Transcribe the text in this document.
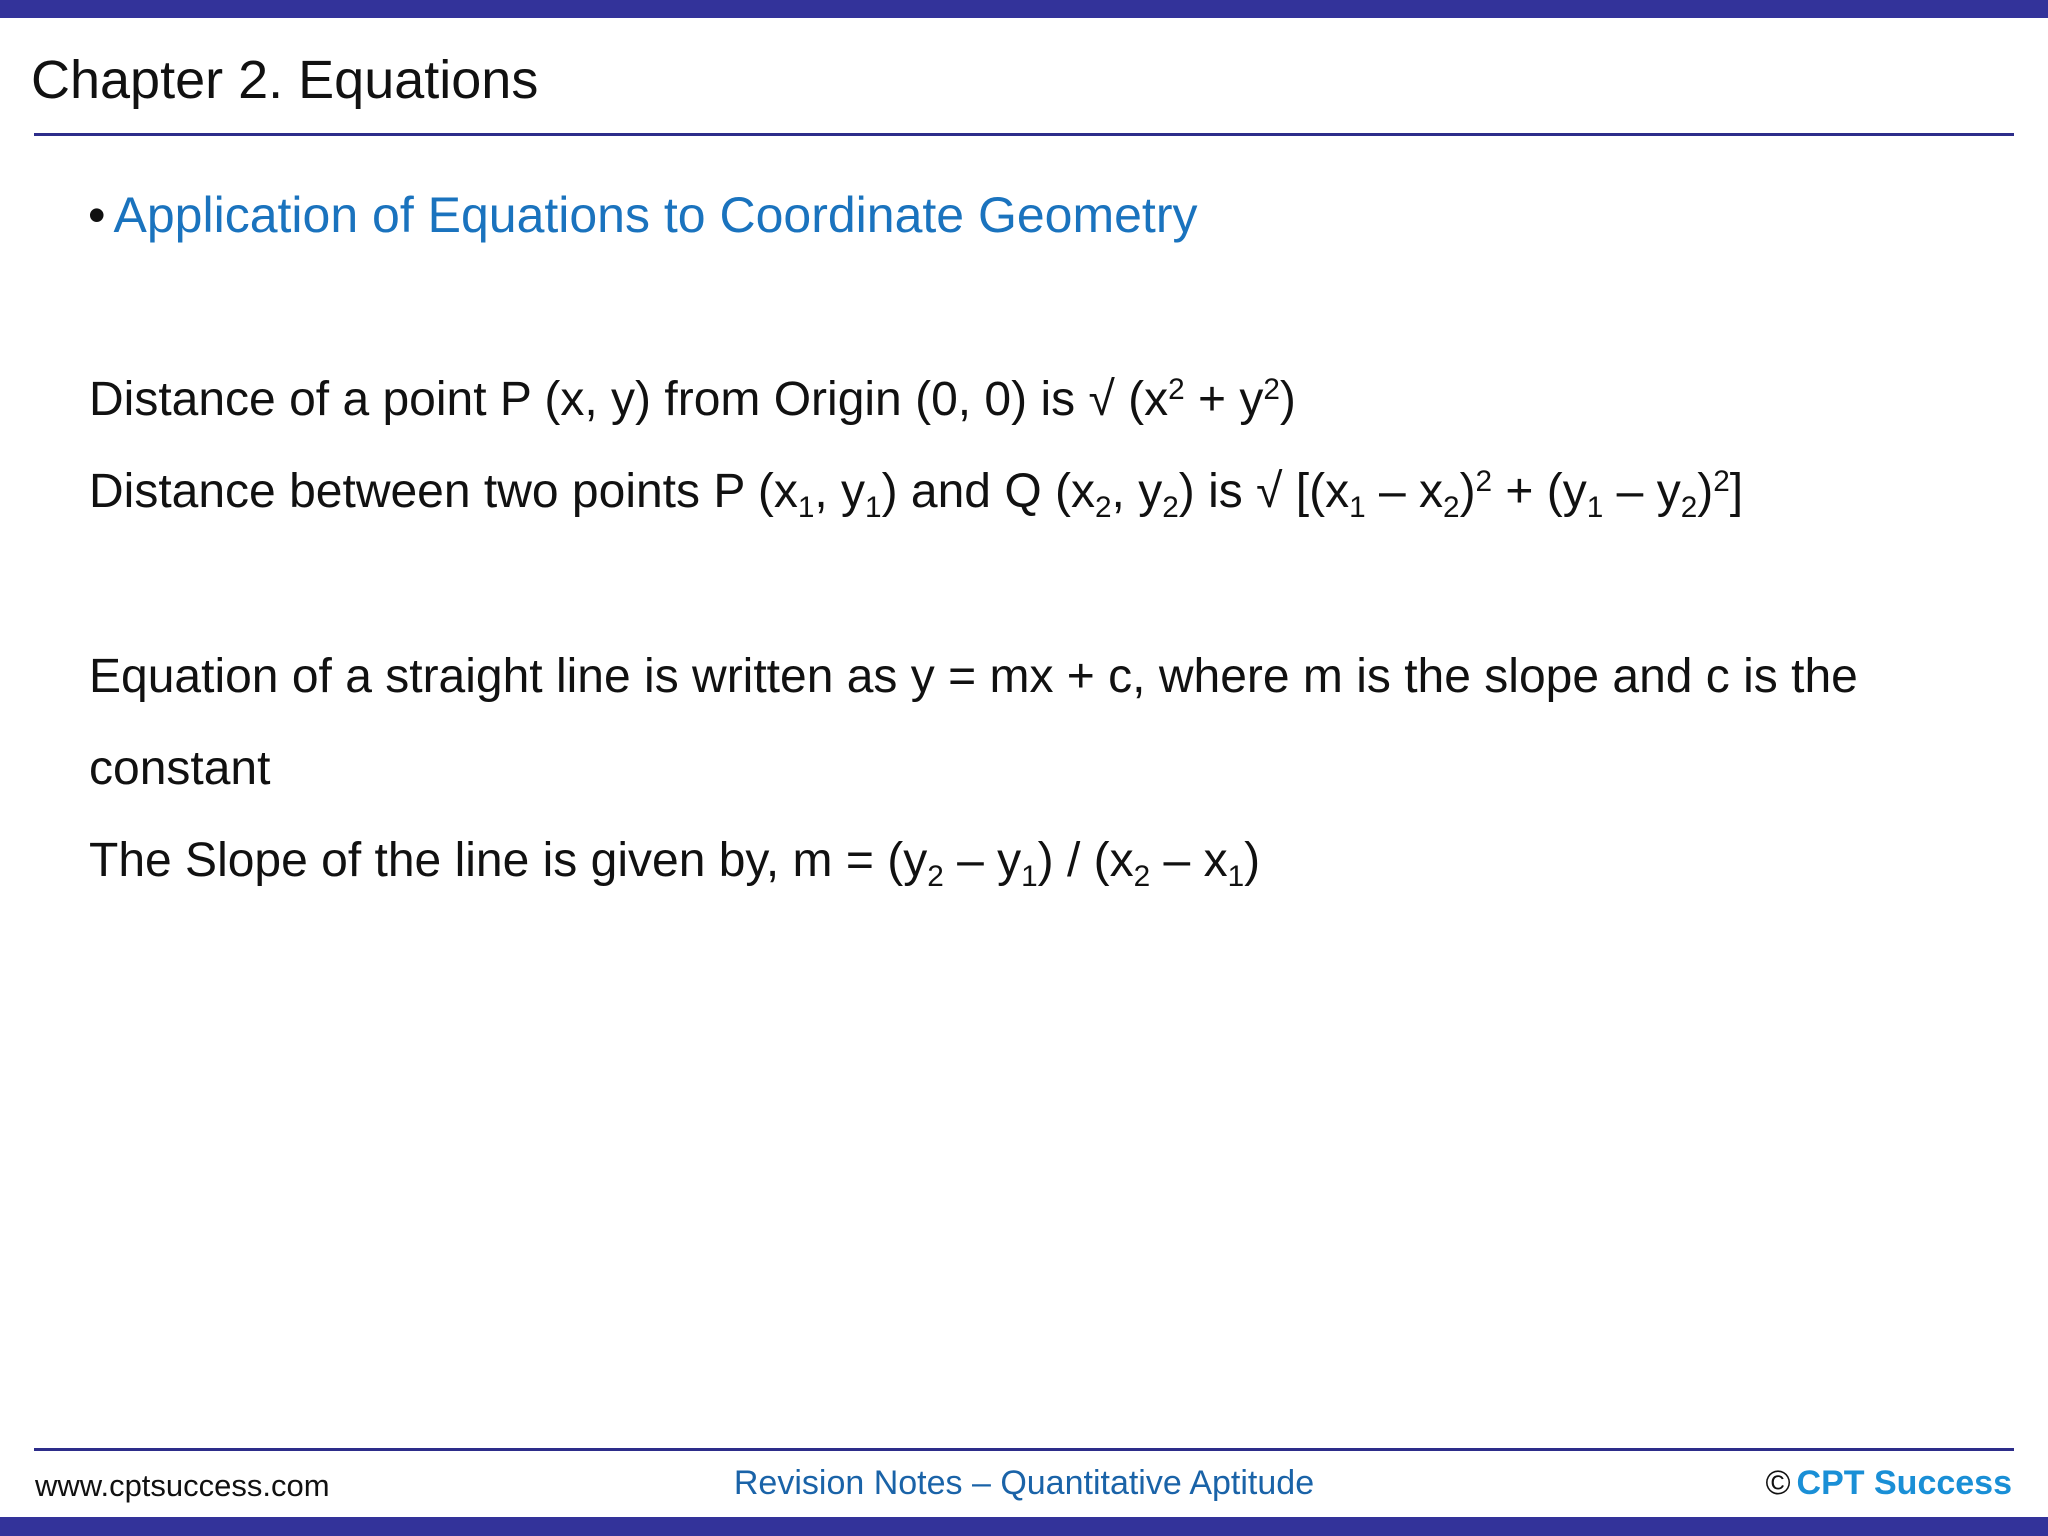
Chapter 2. Equations
• Application of Equations to Coordinate Geometry
Distance of a point P (x, y) from Origin (0, 0) is √ $(x^2 + y^2)$
Distance between two points P ($x_1$, $y_1$) and Q ($x_2$, $y_2$) is √ $[(x_1 - x_2)^2 + (y_1 - y_2)^2]$
Equation of a straight line is written as y = mx + c, where m is the slope and c is the
constant
The Slope of the line is given by, $m = (y_2 - y_1) / (x_2 - x_1)$
www.cptsuccess.com	Revision Notes – Quantitative Aptitude	© CPT Success
